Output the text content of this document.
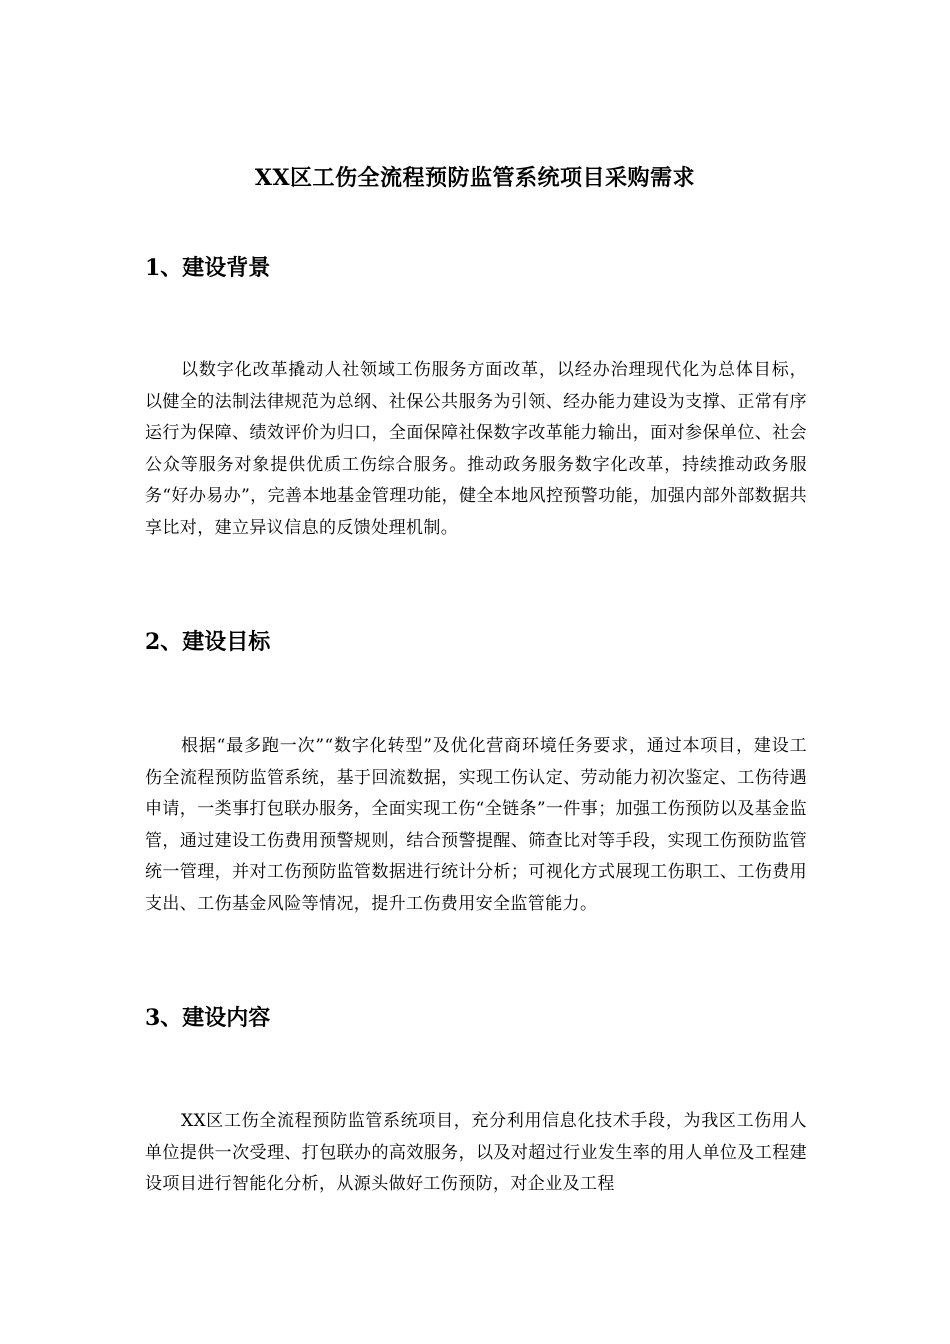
XX区工伤全流程预防监管系统项目采购需求
1、建设背景

以数字化改革撬动人社领域工伤服务方面改革，以经办治理现代化为总体目标，以健全的法制法律规范为总纲、社保公共服务为引领、经办能力建设为支撑、正常有序运行为保障、绩效评价为归口，全面保障社保数字改革能力输出，面对参保单位、社会公众等服务对象提供优质工伤综合服务。推动政务服务数字化改革，持续推动政务服务“好办易办”，完善本地基金管理功能，健全本地风控预警功能，加强内部外部数据共享比对，建立异议信息的反馈处理机制。

2、建设目标

根据“最多跑一次”“数字化转型”及优化营商环境任务要求，通过本项目，建设工伤全流程预防监管系统，基于回流数据，实现工伤认定、劳动能力初次鉴定、工伤待遇申请，一类事打包联办服务，全面实现工伤“全链条”一件事；加强工伤预防以及基金监管，通过建设工伤费用预警规则，结合预警提醒、筛查比对等手段，实现工伤预防监管统一管理，并对工伤预防监管数据进行统计分析；可视化方式展现工伤职工、工伤费用支出、工伤基金风险等情况，提升工伤费用安全监管能力。

3、建设内容

XX区工伤全流程预防监管系统项目，充分利用信息化技术手段，为我区工伤用人单位提供一次受理、打包联办的高效服务，以及对超过行业发生率的用人单位及工程建设项目进行智能化分析，从源头做好工伤预防，对企业及工程
